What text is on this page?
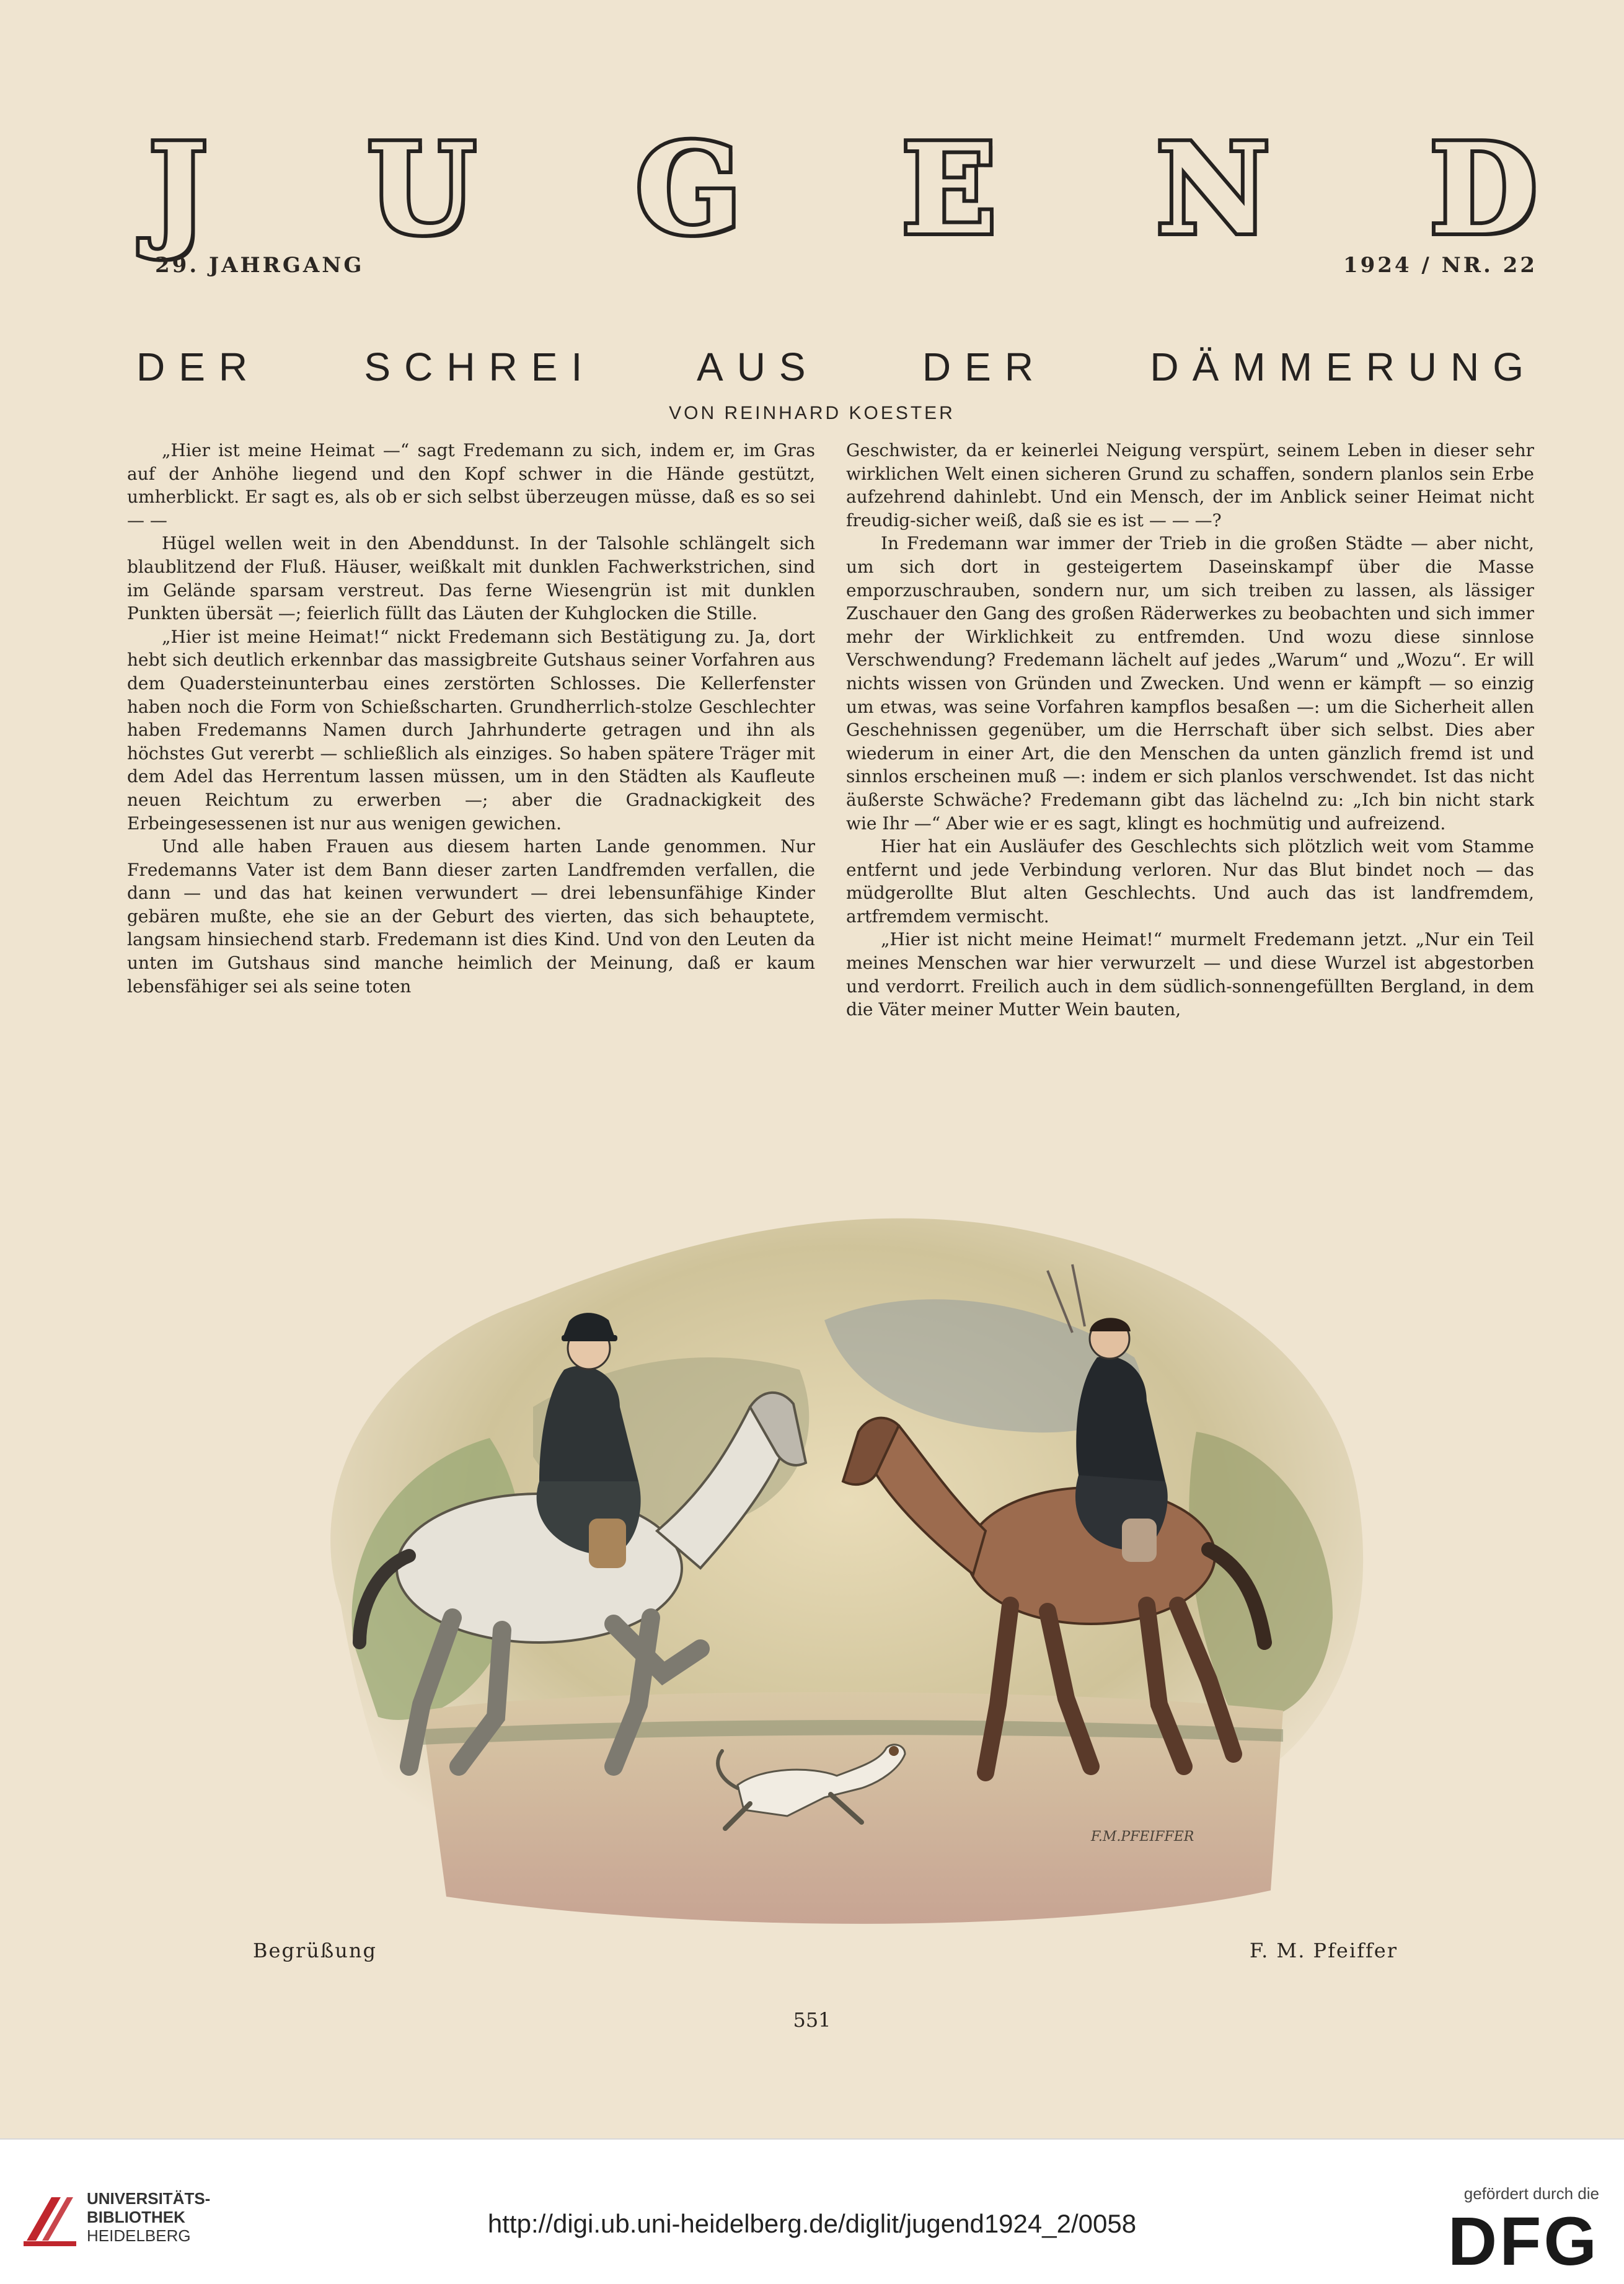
J U G E N D
29. JAHRGANG	1924 / NR. 22
DER SCHREI AUS DER DÄMMERUNG
VON REINHARD KOESTER

„Hier ist meine Heimat —“ sagt Fredemann zu sich, indem er, im Gras auf der Anhöhe liegend und den Kopf schwer in die Hände gestützt, umherblickt. Er sagt es, als ob er sich selbst überzeugen müsse, daß es so sei — —

Hügel wellen weit in den Abenddunst. In der Talsohle schlängelt sich blaublitzend der Fluß. Häuser, weißkalt mit dunklen Fachwerkstrichen, sind im Gelände sparsam verstreut. Das ferne Wiesengrün ist mit dunklen Punkten übersät —; feierlich füllt das Läuten der Kuhglocken die Stille.

„Hier ist meine Heimat!“ nickt Fredemann sich Bestätigung zu. Ja, dort hebt sich deutlich erkennbar das massigbreite Gutshaus seiner Vorfahren aus dem Quadersteinunterbau eines zerstörten Schlosses. Die Kellerfenster haben noch die Form von Schießscharten. Grundherrlich-stolze Geschlechter haben Fredemanns Namen durch Jahrhunderte getragen und ihn als höchstes Gut vererbt — schließlich als einziges. So haben spätere Träger mit dem Adel das Herrentum lassen müssen, um in den Städten als Kaufleute neuen Reichtum zu erwerben —; aber die Gradnackigkeit des Erbeingesessenen ist nur aus wenigen gewichen.

Und alle haben Frauen aus diesem harten Lande genommen. Nur Fredemanns Vater ist dem Bann dieser zarten Landfremden verfallen, die dann — und das hat keinen verwundert — drei lebensunfähige Kinder gebären mußte, ehe sie an der Geburt des vierten, das sich behauptete, langsam hinsiechend starb. Fredemann ist dies Kind. Und von den Leuten da unten im Gutshaus sind manche heimlich der Meinung, daß er kaum lebensfähiger sei als seine toten

Geschwister, da er keinerlei Neigung verspürt, seinem Leben in dieser sehr wirklichen Welt einen sicheren Grund zu schaffen, sondern planlos sein Erbe aufzehrend dahinlebt. Und ein Mensch, der im Anblick seiner Heimat nicht freudig-sicher weiß, daß sie es ist — — —?

In Fredemann war immer der Trieb in die großen Städte — aber nicht, um sich dort in gesteigertem Daseinskampf über die Masse emporzuschrauben, sondern nur, um sich treiben zu lassen, als lässiger Zuschauer den Gang des großen Räderwerkes zu beobachten und sich immer mehr der Wirklichkeit zu entfremden. Und wozu diese sinnlose Verschwendung? Fredemann lächelt auf jedes „Warum“ und „Wozu“. Er will nichts wissen von Gründen und Zwecken. Und wenn er kämpft — so einzig um etwas, was seine Vorfahren kampflos besaßen —: um die Sicherheit allen Geschehnissen gegenüber, um die Herrschaft über sich selbst. Dies aber wiederum in einer Art, die den Menschen da unten gänzlich fremd ist und sinnlos erscheinen muß —: indem er sich planlos verschwendet. Ist das nicht äußerste Schwäche? Fredemann gibt das lächelnd zu: „Ich bin nicht stark wie Ihr —“ Aber wie er es sagt, klingt es hochmütig und aufreizend.

Hier hat ein Ausläufer des Geschlechts sich plötzlich weit vom Stamme entfernt und jede Verbindung verloren. Nur das Blut bindet noch — das müdgerollte Blut alten Geschlechts. Und auch das ist landfremdem, artfremdem vermischt.

„Hier ist nicht meine Heimat!“ murmelt Fredemann jetzt. „Nur ein Teil meines Menschen war hier verwurzelt — und diese Wurzel ist abgestorben und verdorrt. Freilich auch in dem südlich-sonnengefüllten Bergland, in dem die Väter meiner Mutter Wein bauten,

F.M.PFEIFFER
Begrüßung	F. M. Pfeiffer
551
UNIVERSITÄTS-
BIBLIOTHEK
HEIDELBERG	http://digi.ub.uni-heidelberg.de/diglit/jugend1924_2/0058
gefördert durch die
DFG
